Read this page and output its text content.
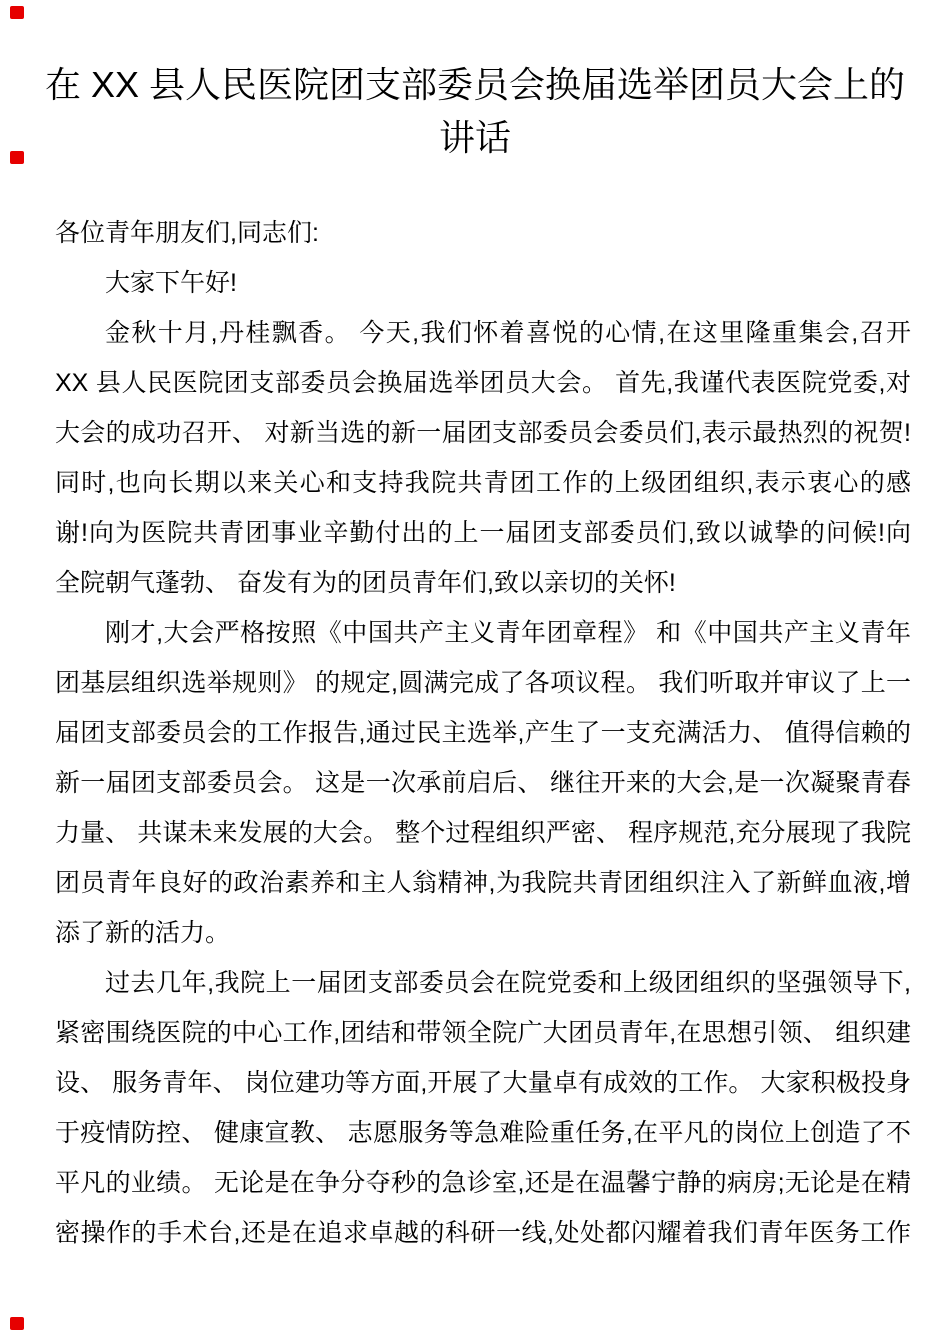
在 XX 县人民医院团支部委员会换届选举团员大会上的
讲话
各位青年朋友们,同志们:
大家下午好!
金秋十月,丹桂飘香。 今天,我们怀着喜悦的心情,在这里隆重集会,召开
XX 县人民医院团支部委员会换届选举团员大会。 首先,我谨代表医院党委,对
大会的成功召开、 对新当选的新一届团支部委员会委员们,表示最热烈的祝贺!
同时,也向长期以来关心和支持我院共青团工作的上级团组织,表示衷心的感
谢!向为医院共青团事业辛勤付出的上一届团支部委员们,致以诚挚的问候!向
全院朝气蓬勃、 奋发有为的团员青年们,致以亲切的关怀!
刚才,大会严格按照《中国共产主义青年团章程》 和《中国共产主义青年
团基层组织选举规则》 的规定,圆满完成了各项议程。 我们听取并审议了上一
届团支部委员会的工作报告,通过民主选举,产生了一支充满活力、 值得信赖的
新一届团支部委员会。 这是一次承前启后、 继往开来的大会,是一次凝聚青春
力量、 共谋未来发展的大会。 整个过程组织严密、 程序规范,充分展现了我院
团员青年良好的政治素养和主人翁精神,为我院共青团组织注入了新鲜血液,增
添了新的活力。
过去几年,我院上一届团支部委员会在院党委和上级团组织的坚强领导下,
紧密围绕医院的中心工作,团结和带领全院广大团员青年,在思想引领、 组织建
设、 服务青年、 岗位建功等方面,开展了大量卓有成效的工作。 大家积极投身
于疫情防控、 健康宣教、 志愿服务等急难险重任务,在平凡的岗位上创造了不
平凡的业绩。 无论是在争分夺秒的急诊室,还是在温馨宁静的病房;无论是在精
密操作的手术台,还是在追求卓越的科研一线,处处都闪耀着我们青年医务工作
